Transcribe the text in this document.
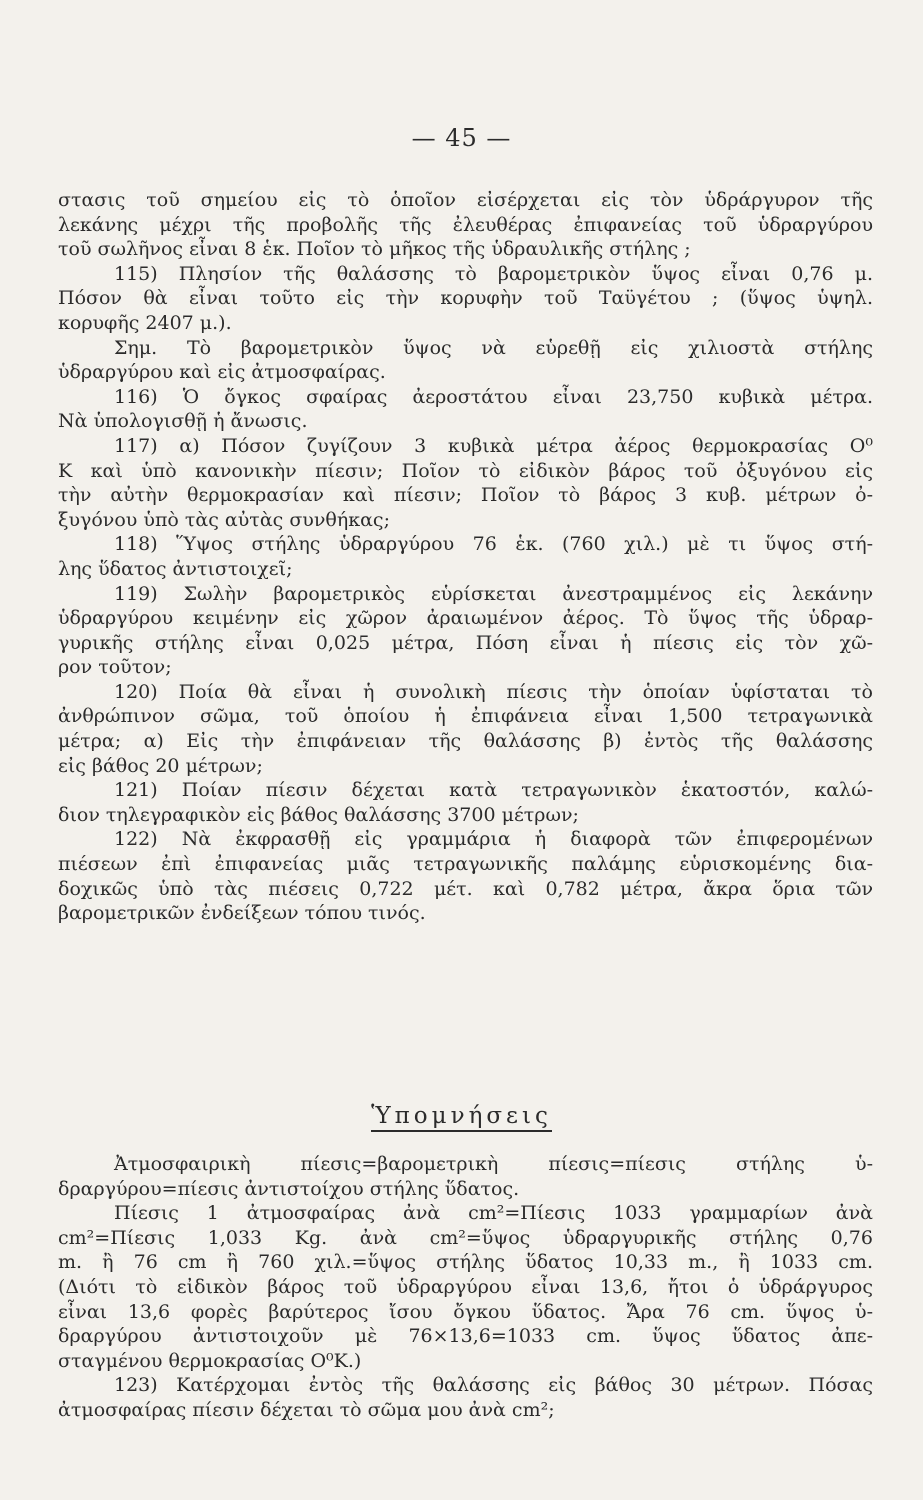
— 45 —
στασις τοῦ σημείου εἰς τὸ ὁποῖον εἰσέρχεται εἰς τὸν ὑδράργυρον τῆς
λεκάνης μέχρι τῆς προβολῆς τῆς ἐλευθέρας ἐπιφανείας τοῦ ὑδραργύρου
τοῦ σωλῆνος εἶναι 8 ἑκ. Ποῖον τὸ μῆκος τῆς ὑδραυλικῆς στήλης ;
115) Πλησίον τῆς θαλάσσης τὸ βαρομετρικὸν ὕψος εἶναι 0,76 μ.
Πόσον θὰ εἶναι τοῦτο εἰς τὴν κορυφὴν τοῦ Ταϋγέτου ; (ὕψος ὑψηλ.
κορυφῆς 2407 μ.).
Σημ. Τὸ βαρομετρικὸν ὕψος νὰ εὑρεθῇ εἰς χιλιοστὰ στήλης
ὑδραργύρου καὶ εἰς ἀτμοσφαίρας.
116) Ὁ ὄγκος σφαίρας ἀεροστάτου εἶναι 23,750 κυβικὰ μέτρα.
Νὰ ὑπολογισθῇ ἡ ἄνωσις.
117) α) Πόσον ζυγίζουν 3 κυβικὰ μέτρα ἀέρος θερμοκρασίας O⁰
K καὶ ὑπὸ κανονικὴν πίεσιν; Ποῖον τὸ εἰδικὸν βάρος τοῦ ὀξυγόνου εἰς
τὴν αὐτὴν θερμοκρασίαν καὶ πίεσιν; Ποῖον τὸ βάρος 3 κυβ. μέτρων ὀ-
ξυγόνου ὑπὸ τὰς αὐτὰς συνθήκας;
118) Ὕψος στήλης ὑδραργύρου 76 ἑκ. (760 χιλ.) μὲ τι ὕψος στή-
λης ὕδατος ἀντιστοιχεῖ;
119) Σωλὴν βαρομετρικὸς εὑρίσκεται ἀνεστραμμένος εἰς λεκάνην
ὑδραργύρου κειμένην εἰς χῶρον ἀραιωμένον ἀέρος. Τὸ ὕψος τῆς ὑδραρ-
γυρικῆς στήλης εἶναι 0,025 μέτρα, Πόση εἶναι ἡ πίεσις εἰς τὸν χῶ-
ρον τοῦτον;
120) Ποία θὰ εἶναι ἡ συνολικὴ πίεσις τὴν ὁποίαν ὑφίσταται τὸ
ἀνθρώπινον σῶμα, τοῦ ὁποίου ἡ ἐπιφάνεια εἶναι 1,500 τετραγωνικὰ
μέτρα; α) Εἰς τὴν ἐπιφάνειαν τῆς θαλάσσης β) ἐντὸς τῆς θαλάσσης
εἰς βάθος 20 μέτρων;
121) Ποίαν πίεσιν δέχεται κατὰ τετραγωνικὸν ἑκατοστόν, καλώ-
διον τηλεγραφικὸν εἰς βάθος θαλάσσης 3700 μέτρων;
122) Νὰ ἐκφρασθῇ εἰς γραμμάρια ἡ διαφορὰ τῶν ἐπιφερομένων
πιέσεων ἐπὶ ἐπιφανείας μιᾶς τετραγωνικῆς παλάμης εὑρισκομένης δια-
δοχικῶς ὑπὸ τὰς πιέσεις 0,722 μέτ. καὶ 0,782 μέτρα, ἄκρα ὅρια τῶν
βαρομετρικῶν ἐνδείξεων τόπου τινός.
Ὑπομνήσεις
Ἀτμοσφαιρικὴ πίεσις=βαρομετρικὴ πίεσις=πίεσις στήλης ὑ-
δραργύρου=πίεσις ἀντιστοίχου στήλης ὕδατος.
Πίεσις 1 ἀτμοσφαίρας ἀνὰ cm²=Πίεσις 1033 γραμμαρίων ἀνὰ
cm²=Πίεσις 1,033 Kg. ἀνὰ cm²=ὕψος ὑδραργυρικῆς στήλης 0,76
m. ἢ 76 cm ἢ 760 χιλ.=ὕψος στήλης ὕδατος 10,33 m., ἢ 1033 cm.
(Διότι τὸ εἰδικὸν βάρος τοῦ ὑδραργύρου εἶναι 13,6, ἤτοι ὁ ὑδράργυρος
εἶναι 13,6 φορὲς βαρύτερος ἴσου ὄγκου ὕδατος. Ἄρα 76 cm. ὕψος ὑ-
δραργύρου ἀντιστοιχοῦν μὲ 76×13,6=1033 cm. ὕψος ὕδατος ἀπε-
σταγμένου θερμοκρασίας O⁰K.)
123) Κατέρχομαι ἐντὸς τῆς θαλάσσης εἰς βάθος 30 μέτρων. Πόσας
ἀτμοσφαίρας πίεσιν δέχεται τὸ σῶμα μου ἀνὰ cm²;
